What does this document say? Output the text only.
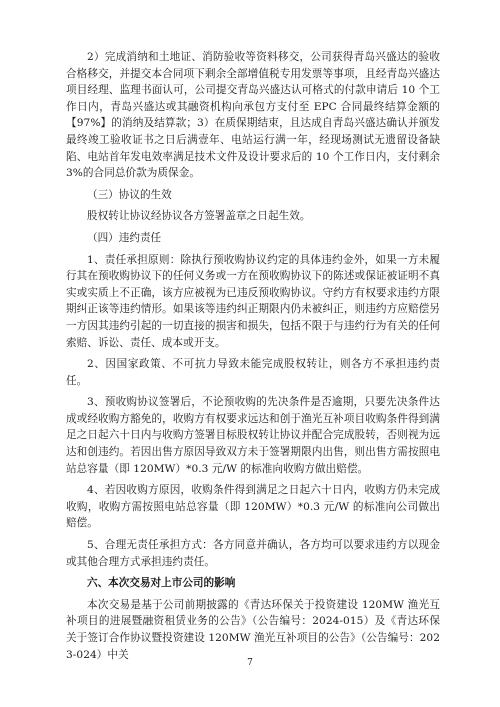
2）完成消纳和土地证、消防验收等资料移交，公司获得青岛兴盛达的验收合格移交，并提交本合同项下剩余全部增值税专用发票等事项，且经青岛兴盛达项目经理、监理书面认可，公司提交青岛兴盛达认可格式的付款申请后 10 个工作日内，青岛兴盛达或其融资机构向承包方支付至 EPC 合同最终结算金额的【97%】的消纳及结算款；3）在质保期结束，且达成自青岛兴盛达确认并颁发最终竣工验收证书之日后满壹年、电站运行满一年，经现场测试无遗留设备缺陷、电站首年发电效率满足技术文件及设计要求后的 10 个工作日内，支付剩余 3%的合同总价款为质保金。

（三）协议的生效

股权转让协议经协议各方签署盖章之日起生效。

（四）违约责任

1、责任承担原则：除执行预收购协议约定的具体违约金外，如果一方未履行其在预收购协议下的任何义务或一方在预收购协议下的陈述或保证被证明不真实或实质上不正确，该方应被视为已违反预收购协议。守约方有权要求违约方限期纠正该等违约情形。如果该等违约纠正期限内仍未被纠正，则违约方应赔偿另一方因其违约引起的一切直接的损害和损失，包括不限于与违约行为有关的任何索赔、诉讼、责任、成本或开支。

2、因国家政策、不可抗力导致未能完成股权转让，则各方不承担违约责任。

3、预收购协议签署后，不论预收购的先决条件是否逾期，只要先决条件达成或经收购方豁免的，收购方有权要求远达和创于渔光互补项目收购条件得到满足之日起六十日内与收购方签署目标股权转让协议并配合完成股转，否则视为远达和创违约。若因出售方原因导致双方未于签署期限内出售，则出售方需按照电站总容量（即 120MW）*0.3 元/W 的标准向收购方做出赔偿。

4、若因收购方原因，收购条件得到满足之日起六十日内，收购方仍未完成收购，收购方需按照电站总容量（即 120MW）*0.3 元/W 的标准向公司做出赔偿。

5、合理无责任承担方式：各方同意并确认，各方均可以要求违约方以现金或其他合理方式承担违约责任。

六、本次交易对上市公司的影响

本次交易是基于公司前期披露的《青达环保关于投资建设 120MW 渔光互补项目的进展暨融资租赁业务的公告》（公告编号：2024-015）及《青达环保关于签订合作协议暨投资建设 120MW 渔光互补项目的公告》（公告编号：2023-024）中关

7
